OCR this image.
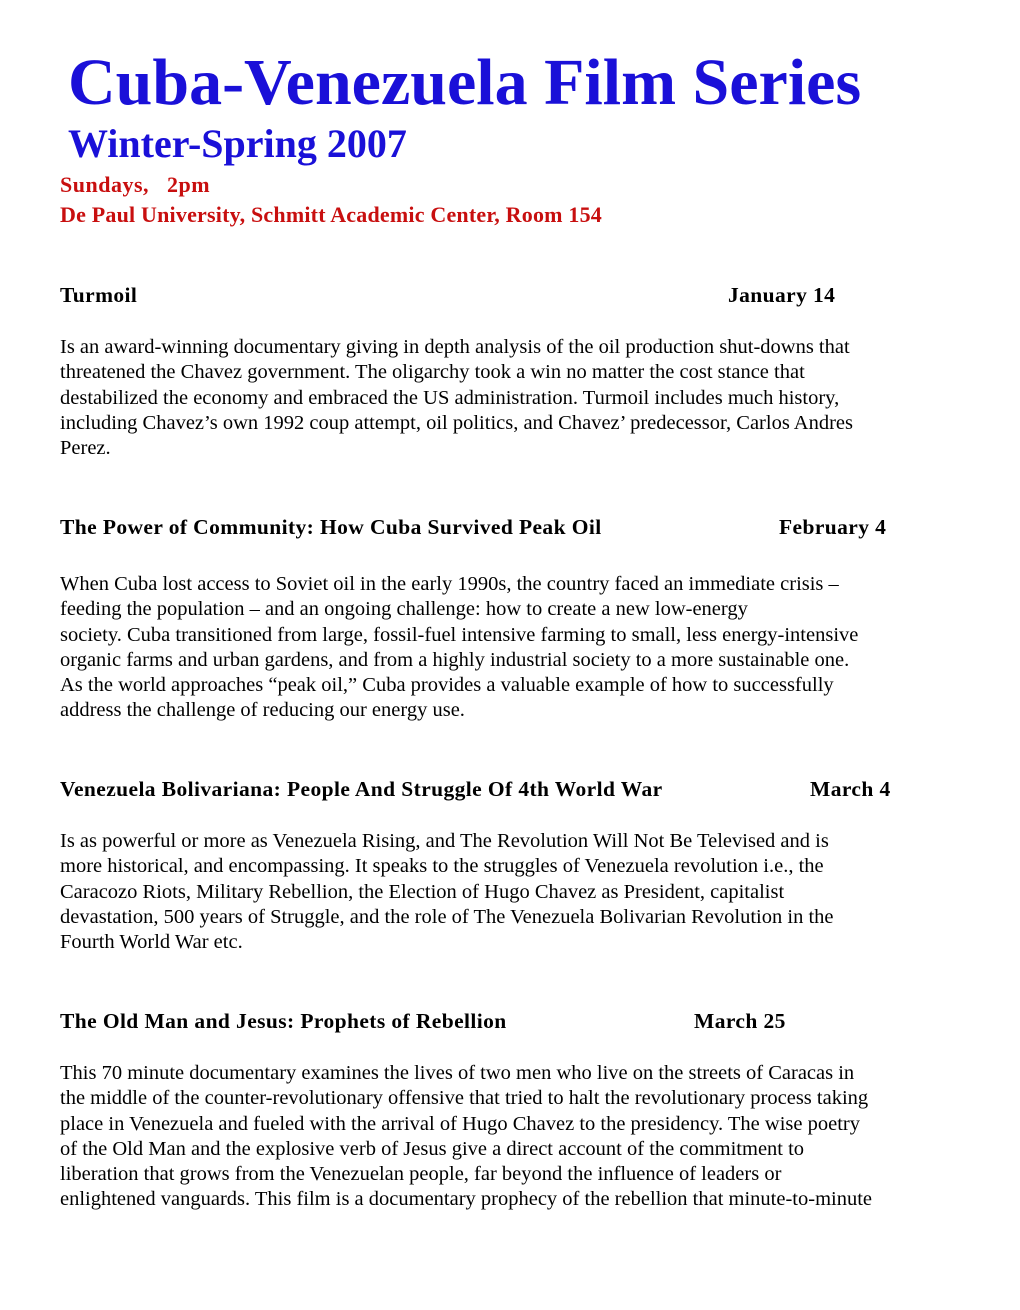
Cuba-Venezuela Film Series
Winter-Spring 2007
Sundays,   2pm
De Paul University, Schmitt Academic Center, Room 154
Turmoil	January 14
Is an award-winning documentary giving in depth analysis of the oil production shut-downs that
threatened the Chavez government. The oligarchy took a win no matter the cost stance that
destabilized the economy and embraced the US administration. Turmoil includes much history,
including Chavez’s own 1992 coup attempt, oil politics, and Chavez’ predecessor, Carlos Andres
Perez.
The Power of Community: How Cuba Survived Peak Oil	February 4
When Cuba lost access to Soviet oil in the early 1990s, the country faced an immediate crisis –
feeding the population – and an ongoing challenge: how to create a new low-energy
society. Cuba transitioned from large, fossil-fuel intensive farming to small, less energy-intensive
organic farms and urban gardens, and from a highly industrial society to a more sustainable one.
As the world approaches “peak oil,” Cuba provides a valuable example of how to successfully
address the challenge of reducing our energy use.
Venezuela Bolivariana: People And Struggle Of 4th World War	March 4
Is as powerful or more as Venezuela Rising, and The Revolution Will Not Be Televised and is
more historical, and encompassing. It speaks to the struggles of Venezuela revolution i.e., the
Caracozo Riots, Military Rebellion, the Election of Hugo Chavez as President, capitalist
devastation, 500 years of Struggle, and the role of The Venezuela Bolivarian Revolution in the
Fourth World War etc.
The Old Man and Jesus: Prophets of Rebellion	March 25
This 70 minute documentary examines the lives of two men who live on the streets of Caracas in
the middle of the counter-revolutionary offensive that tried to halt the revolutionary process taking
place in Venezuela and fueled with the arrival of Hugo Chavez to the presidency. The wise poetry
of the Old Man and the explosive verb of Jesus give a direct account of the commitment to
liberation that grows from the Venezuelan people, far beyond the influence of leaders or
enlightened vanguards. This film is a documentary prophecy of the rebellion that minute-to-minute
